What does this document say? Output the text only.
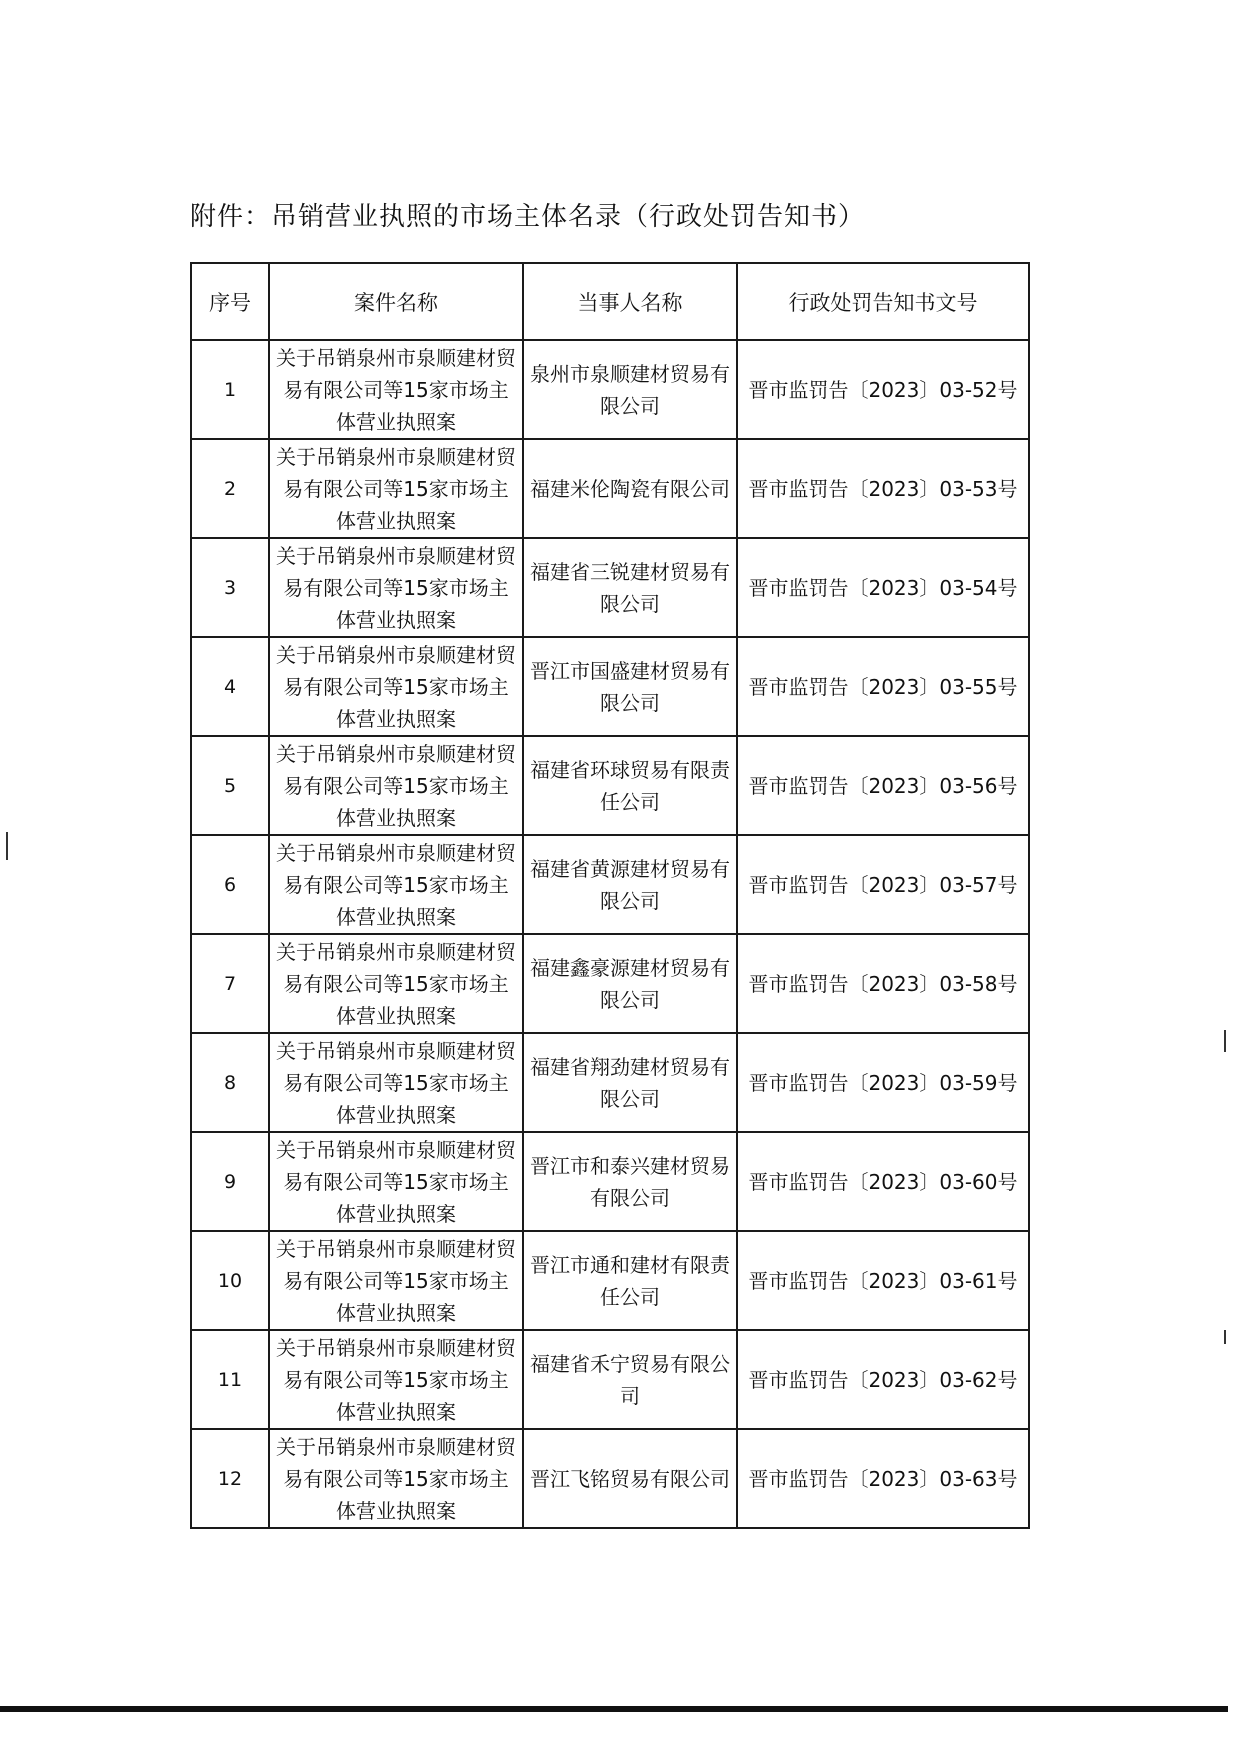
附件：吊销营业执照的市场主体名录（行政处罚告知书）
序号	案件名称	当事人名称	行政处罚告知书文号
1	关于吊销泉州市泉顺建材贸易有限公司等15家市场主体营业执照案	泉州市泉顺建材贸易有限公司	晋市监罚告〔2023〕03-52号
2	关于吊销泉州市泉顺建材贸易有限公司等15家市场主体营业执照案	福建米伦陶瓷有限公司	晋市监罚告〔2023〕03-53号
3	关于吊销泉州市泉顺建材贸易有限公司等15家市场主体营业执照案	福建省三锐建材贸易有限公司	晋市监罚告〔2023〕03-54号
4	关于吊销泉州市泉顺建材贸易有限公司等15家市场主体营业执照案	晋江市国盛建材贸易有限公司	晋市监罚告〔2023〕03-55号
5	关于吊销泉州市泉顺建材贸易有限公司等15家市场主体营业执照案	福建省环球贸易有限责任公司	晋市监罚告〔2023〕03-56号
6	关于吊销泉州市泉顺建材贸易有限公司等15家市场主体营业执照案	福建省黄源建材贸易有限公司	晋市监罚告〔2023〕03-57号
7	关于吊销泉州市泉顺建材贸易有限公司等15家市场主体营业执照案	福建鑫豪源建材贸易有限公司	晋市监罚告〔2023〕03-58号
8	关于吊销泉州市泉顺建材贸易有限公司等15家市场主体营业执照案	福建省翔劲建材贸易有限公司	晋市监罚告〔2023〕03-59号
9	关于吊销泉州市泉顺建材贸易有限公司等15家市场主体营业执照案	晋江市和泰兴建材贸易有限公司	晋市监罚告〔2023〕03-60号
10	关于吊销泉州市泉顺建材贸易有限公司等15家市场主体营业执照案	晋江市通和建材有限责任公司	晋市监罚告〔2023〕03-61号
11	关于吊销泉州市泉顺建材贸易有限公司等15家市场主体营业执照案	福建省禾宁贸易有限公司	晋市监罚告〔2023〕03-62号
12	关于吊销泉州市泉顺建材贸易有限公司等15家市场主体营业执照案	晋江飞铭贸易有限公司	晋市监罚告〔2023〕03-63号
